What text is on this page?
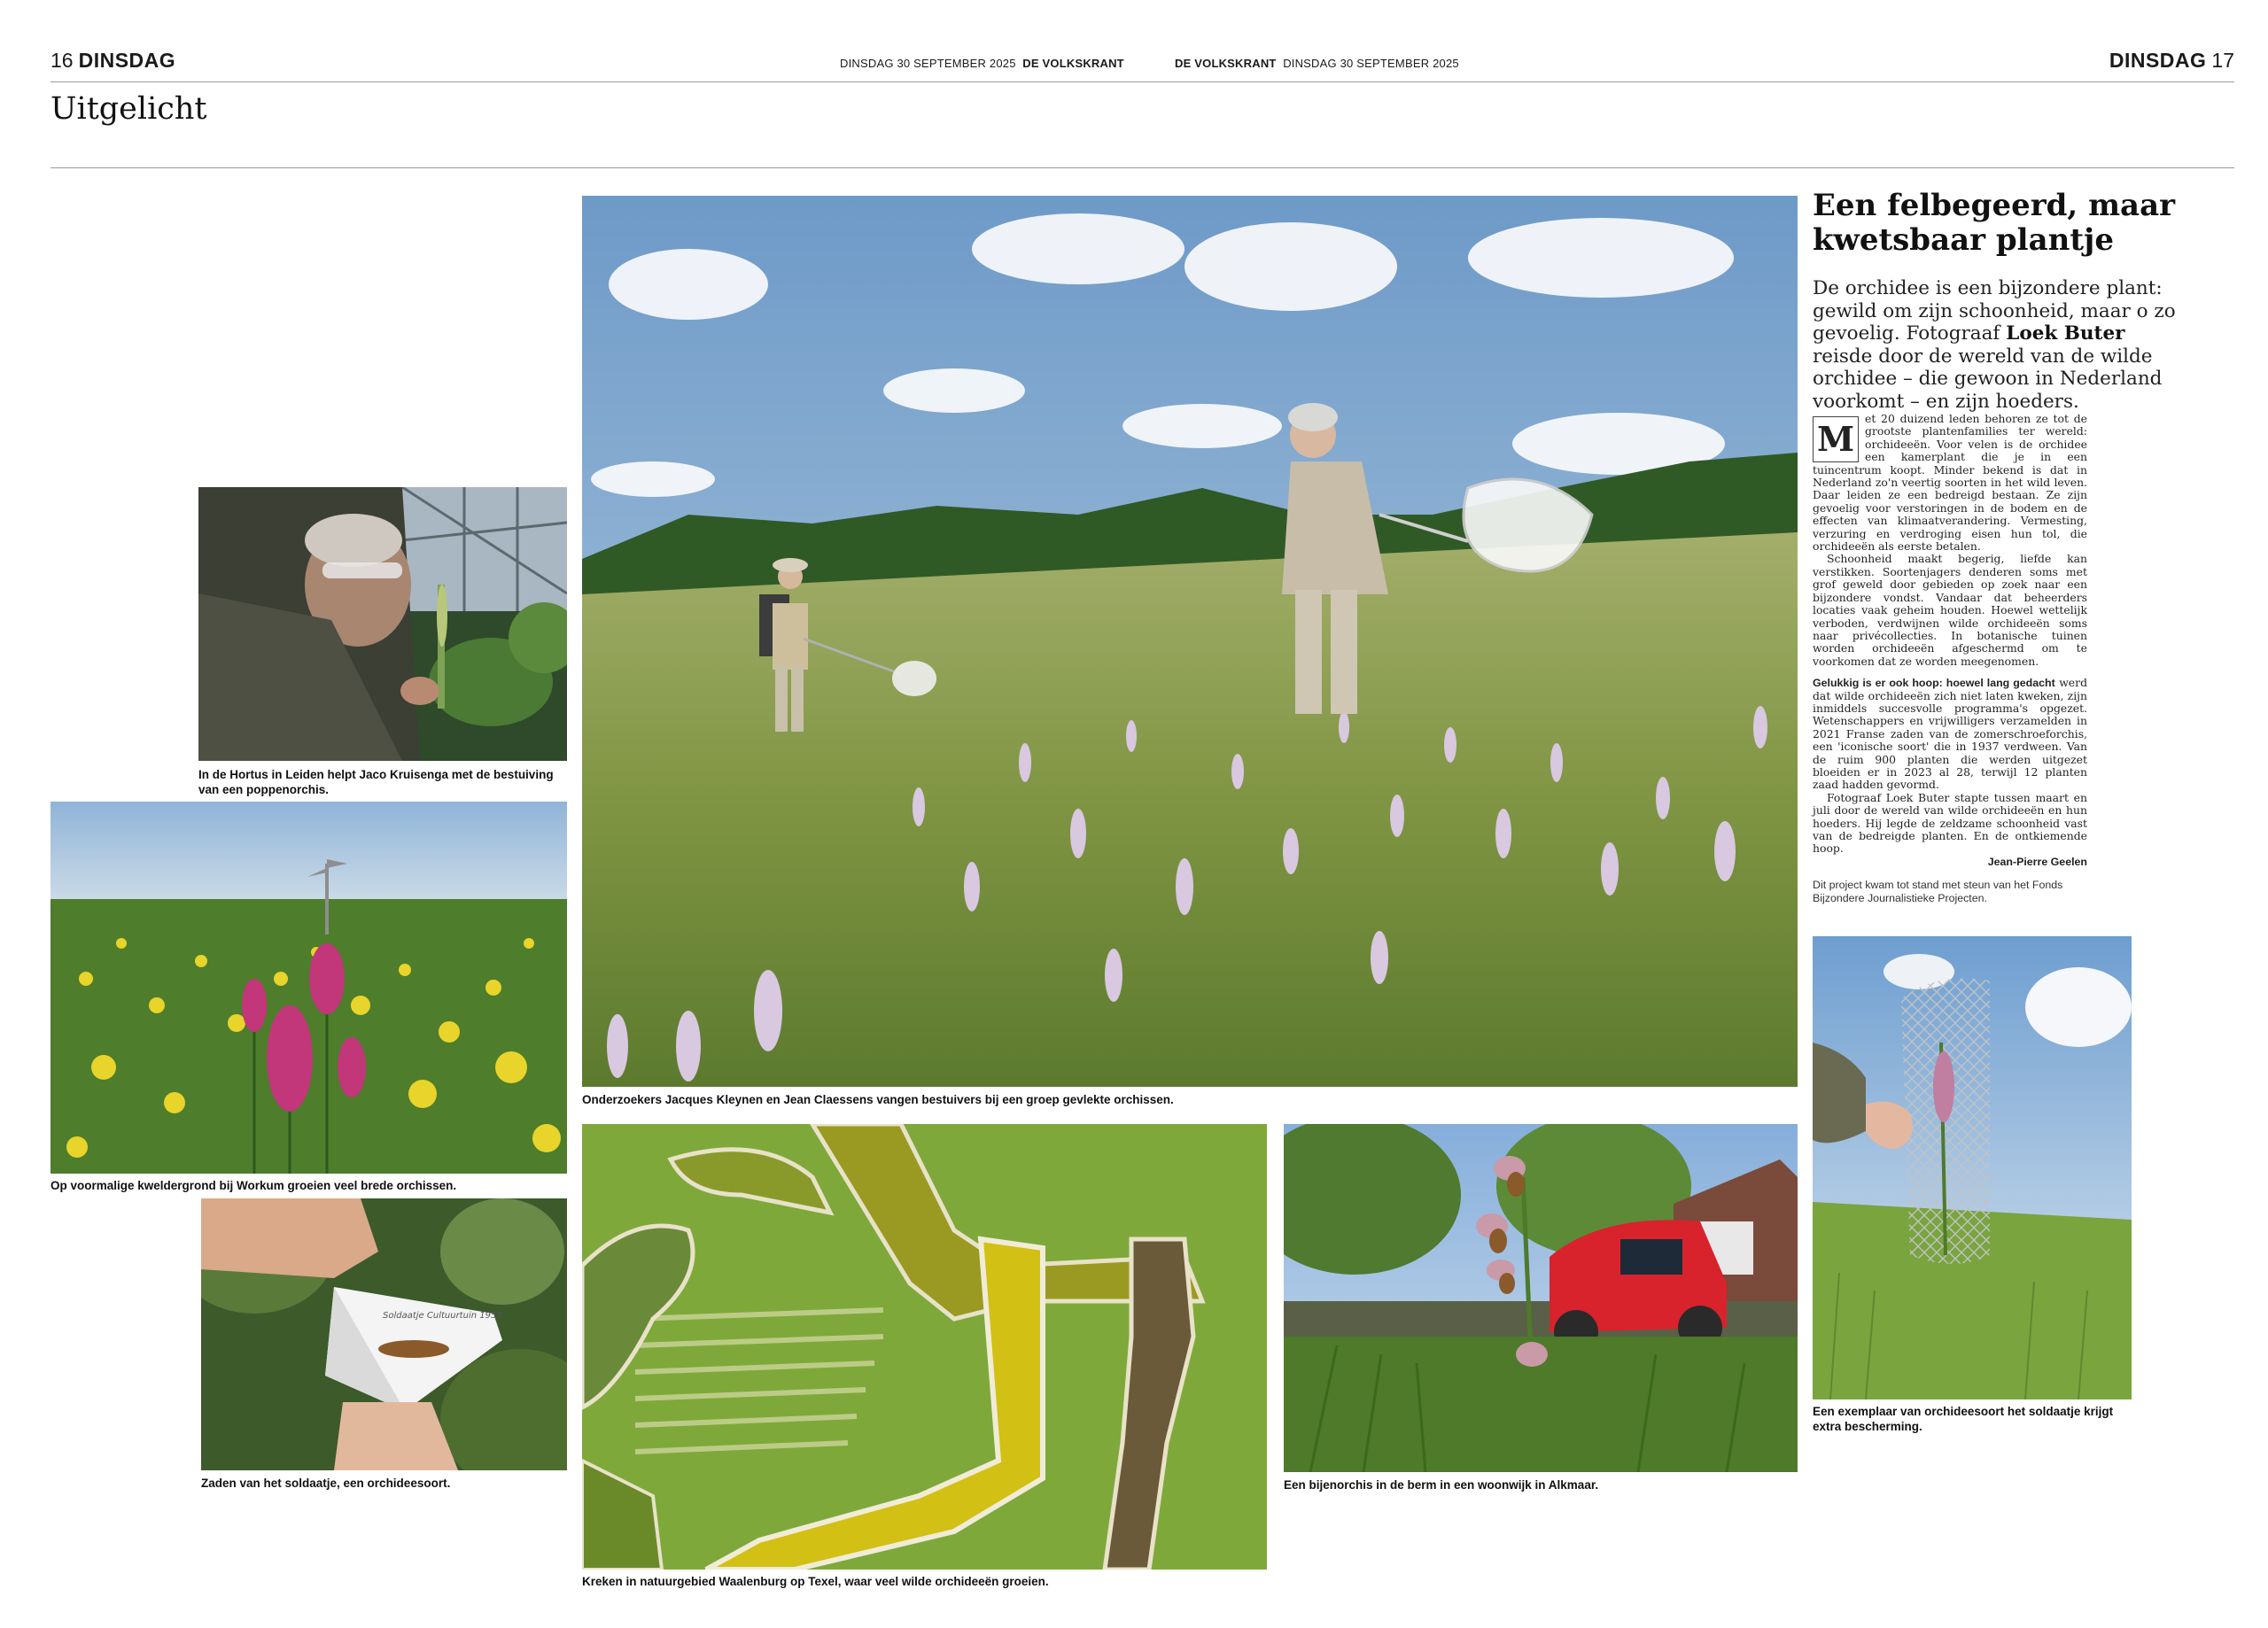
16 DINSDAG	DINSDAG 30 SEPTEMBER 2025 DE VOLKSKRANT	DE VOLKSKRANT DINSDAG 30 SEPTEMBER 2025	DINSDAG 17
Uitgelicht
In de Hortus in Leiden helpt Jaco Kruisenga met de bestuiving van een poppenorchis.
Op voormalige kweldergrond bij Workum groeien veel brede orchissen.
Soldaatje Cultuurtuin 1953
Zaden van het soldaatje, een orchideesoort.
Onderzoekers Jacques Kleynen en Jean Claessens vangen bestuivers bij een groep gevlekte orchissen.
Kreken in natuurgebied Waalenburg op Texel, waar veel wilde orchideeën groeien.
Een bijenorchis in de berm in een woonwijk in Alkmaar.
Een felbegeerd, maar kwetsbaar plantje
De orchidee is een bijzondere plant: gewild om zijn schoonheid, maar o zo gevoelig. Fotograaf Loek Buter reisde door de wereld van de wilde orchidee – die gewoon in Nederland voorkomt – en zijn hoeders.

M
et 20 duizend leden behoren ze tot de grootste plantenfamilies ter wereld: orchideeën. Voor velen is de orchidee een kamerplant die je in een tuincentrum koopt. Minder bekend is dat in Nederland zo'n veertig soorten in het wild leven. Daar leiden ze een bedreigd bestaan. Ze zijn gevoelig voor verstoringen in de bodem en de effecten van klimaatverandering. Vermesting, verzuring en verdroging eisen hun tol, die orchideeën als eerste betalen.

Schoonheid maakt begerig, liefde kan verstikken. Soortenjagers denderen soms met grof geweld door gebieden op zoek naar een bijzondere vondst. Vandaar dat beheerders locaties vaak geheim houden. Hoewel wettelijk verboden, verdwijnen wilde orchideeën soms naar privécollecties. In botanische tuinen worden orchideeën afgeschermd om te voorkomen dat ze worden meegenomen.

Gelukkig is er ook hoop: hoewel lang gedacht werd dat wilde orchideeën zich niet laten kweken, zijn inmiddels succesvolle programma's opgezet. Wetenschappers en vrijwilligers verzamelden in 2021 Franse zaden van de zomerschroeforchis, een 'iconische soort' die in 1937 verdween. Van de ruim 900 planten die werden uitgezet bloeiden er in 2023 al 28, terwijl 12 planten zaad hadden gevormd.

Fotograaf Loek Buter stapte tussen maart en juli door de wereld van wilde orchideeën en hun hoeders. Hij legde de zeldzame schoonheid vast van de bedreigde planten. En de ontkiemende hoop.

Jean-Pierre Geelen

Dit project kwam tot stand met steun van het Fonds Bijzondere Journalistieke Projecten.
Een exemplaar van orchideesoort het soldaatje krijgt extra bescherming.
